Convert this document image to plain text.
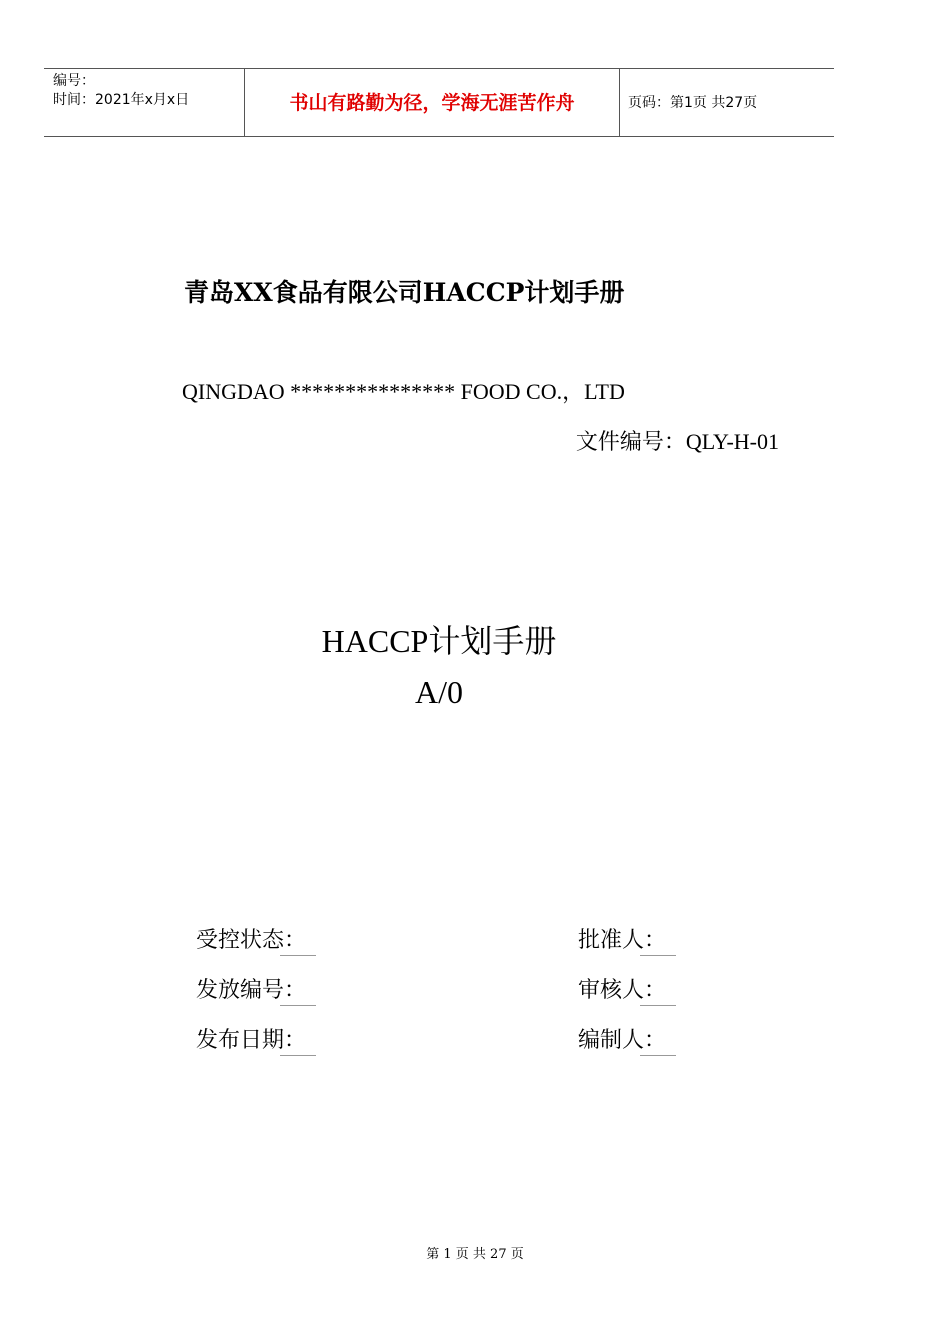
编号：
时间：2021年x月x日	书山有路勤为径，学海无涯苦作舟	页码：第1页 共27页
青岛XX食品有限公司HACCP计划手册
QINGDAO *************** FOOD CO.，LTD
文件编号：QLY-H-01
HACCP计划手册
A/0
受控状态：
发放编号：
发布日期：
批准人：
审核人：
编制人：
第 1 页 共 27 页
